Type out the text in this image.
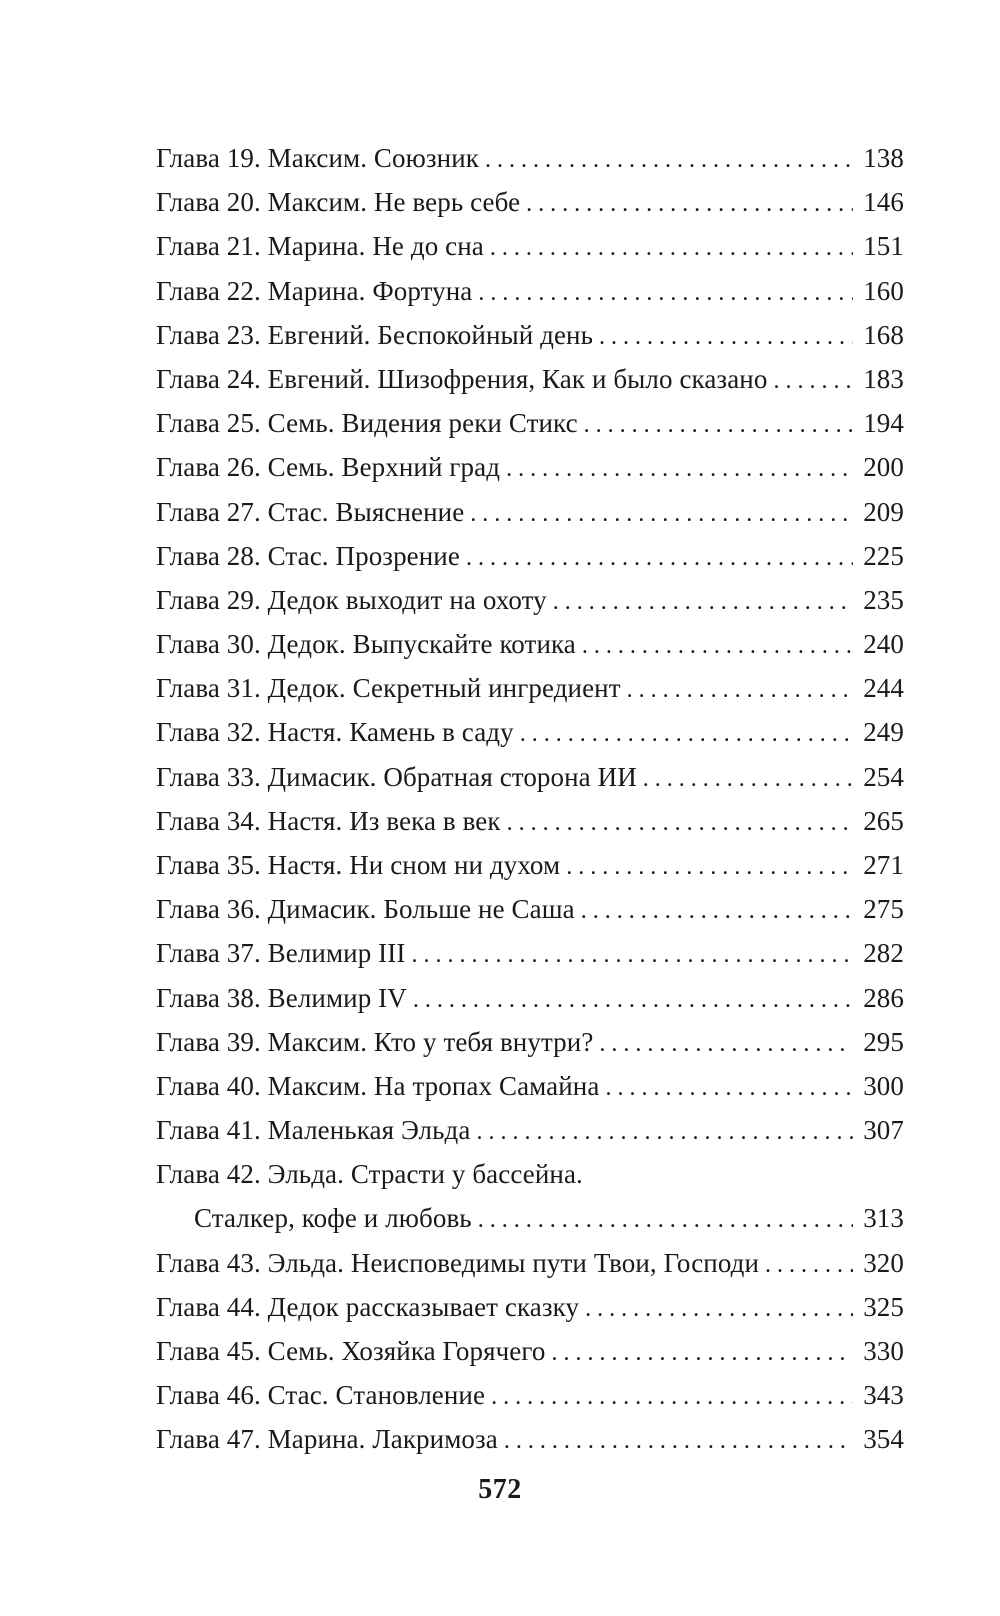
Глава 19. Максим. Союзник . . .	138
Глава 20. Максим. Не верь себе . . .	146
Глава 21. Марина. Не до сна . . .	151
Глава 22. Марина. Фортуна . . .	160
Глава 23. Евгений. Беспокойный день . . .	168
Глава 24. Евгений. Шизофрения, Как и было сказано . . .	183
Глава 25. Семь. Видения реки Стикс . . .	194
Глава 26. Семь. Верхний град . . .	200
Глава 27. Стас. Выяснение . . .	209
Глава 28. Стас. Прозрение . . .	225
Глава 29. Дедок выходит на охоту . . .	235
Глава 30. Дедок. Выпускайте котика . . .	240
Глава 31. Дедок. Секретный ингредиент . . .	244
Глава 32. Настя. Камень в саду . . .	249
Глава 33. Димасик. Обратная сторона ИИ . . .	254
Глава 34. Настя. Из века в век . . .	265
Глава 35. Настя. Ни сном ни духом . . .	271
Глава 36. Димасик. Больше не Саша . . .	275
Глава 37. Велимир III . . .	282
Глава 38. Велимир IV . . .	286
Глава 39. Максим. Кто у тебя внутри? . . .	295
Глава 40. Максим. На тропах Самайна . . .	300
Глава 41. Маленькая Эльда . . .	307
Глава 42. Эльда. Страсти у бассейна.
Сталкер, кофе и любовь . . .	313
Глава 43. Эльда. Неисповедимы пути Твои, Господи . . .	320
Глава 44. Дедок рассказывает сказку . . .	325
Глава 45. Семь. Хозяйка Горячего . . .	330
Глава 46. Стас. Становление . . .	343
Глава 47. Марина. Лакримоза . . .	354
572
